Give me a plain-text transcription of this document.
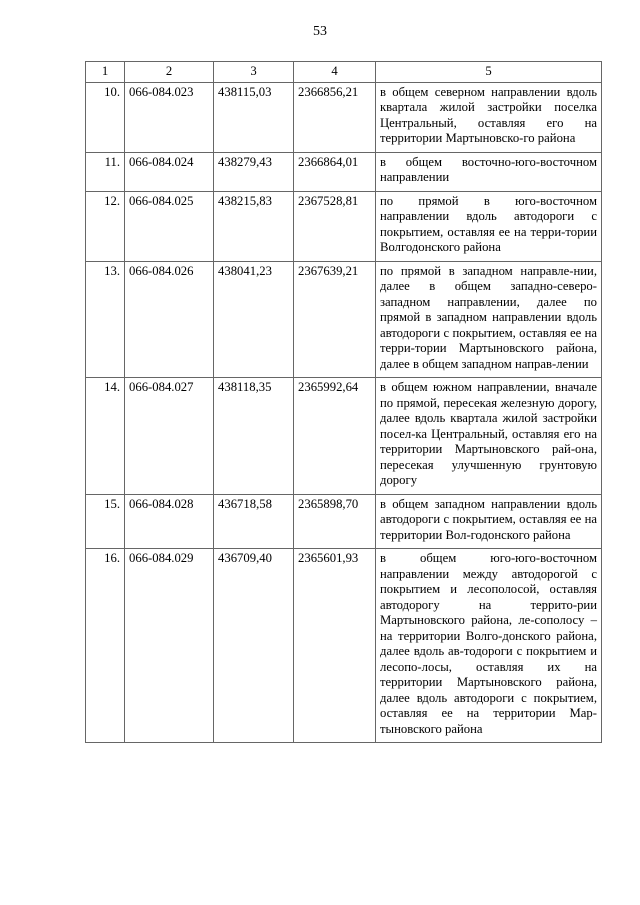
53
1	2	3	4	5
10.	066-084.023	438115,03	2366856,21	в общем северном направлении вдоль квартала жилой застройки поселка Центральный, оставляя его на территории Мартыновско-го района
11.	066-084.024	438279,43	2366864,01	в общем восточно-юго-восточном направлении
12.	066-084.025	438215,83	2367528,81	по прямой в юго-восточном направлении вдоль автодороги с покрытием, оставляя ее на терри-тории Волгодонского района
13.	066-084.026	438041,23	2367639,21	по прямой в западном направле-нии, далее в общем западно-северо-западном направлении, далее по прямой в западном направлении вдоль автодороги с покрытием, оставляя ее на терри-тории Мартыновского района, далее в общем западном направ-лении
14.	066-084.027	438118,35	2365992,64	в общем южном направлении, вначале по прямой, пересекая железную дорогу, далее вдоль квартала жилой застройки посел-ка Центральный, оставляя его на территории Мартыновского рай-она, пересекая улучшенную грунтовую дорогу
15.	066-084.028	436718,58	2365898,70	в общем западном направлении вдоль автодороги с покрытием, оставляя ее на территории Вол-годонского района
16.	066-084.029	436709,40	2365601,93	в общем юго-юго-восточном направлении между автодорогой с покрытием и лесополосой, оставляя автодорогу на террито-рии Мартыновского района, ле-сополосу – на территории Волго-донского района, далее вдоль ав-тодороги с покрытием и лесопо-лосы, оставляя их на территории Мартыновского района, далее вдоль автодороги с покрытием, оставляя ее на территории Мар-тыновского района
